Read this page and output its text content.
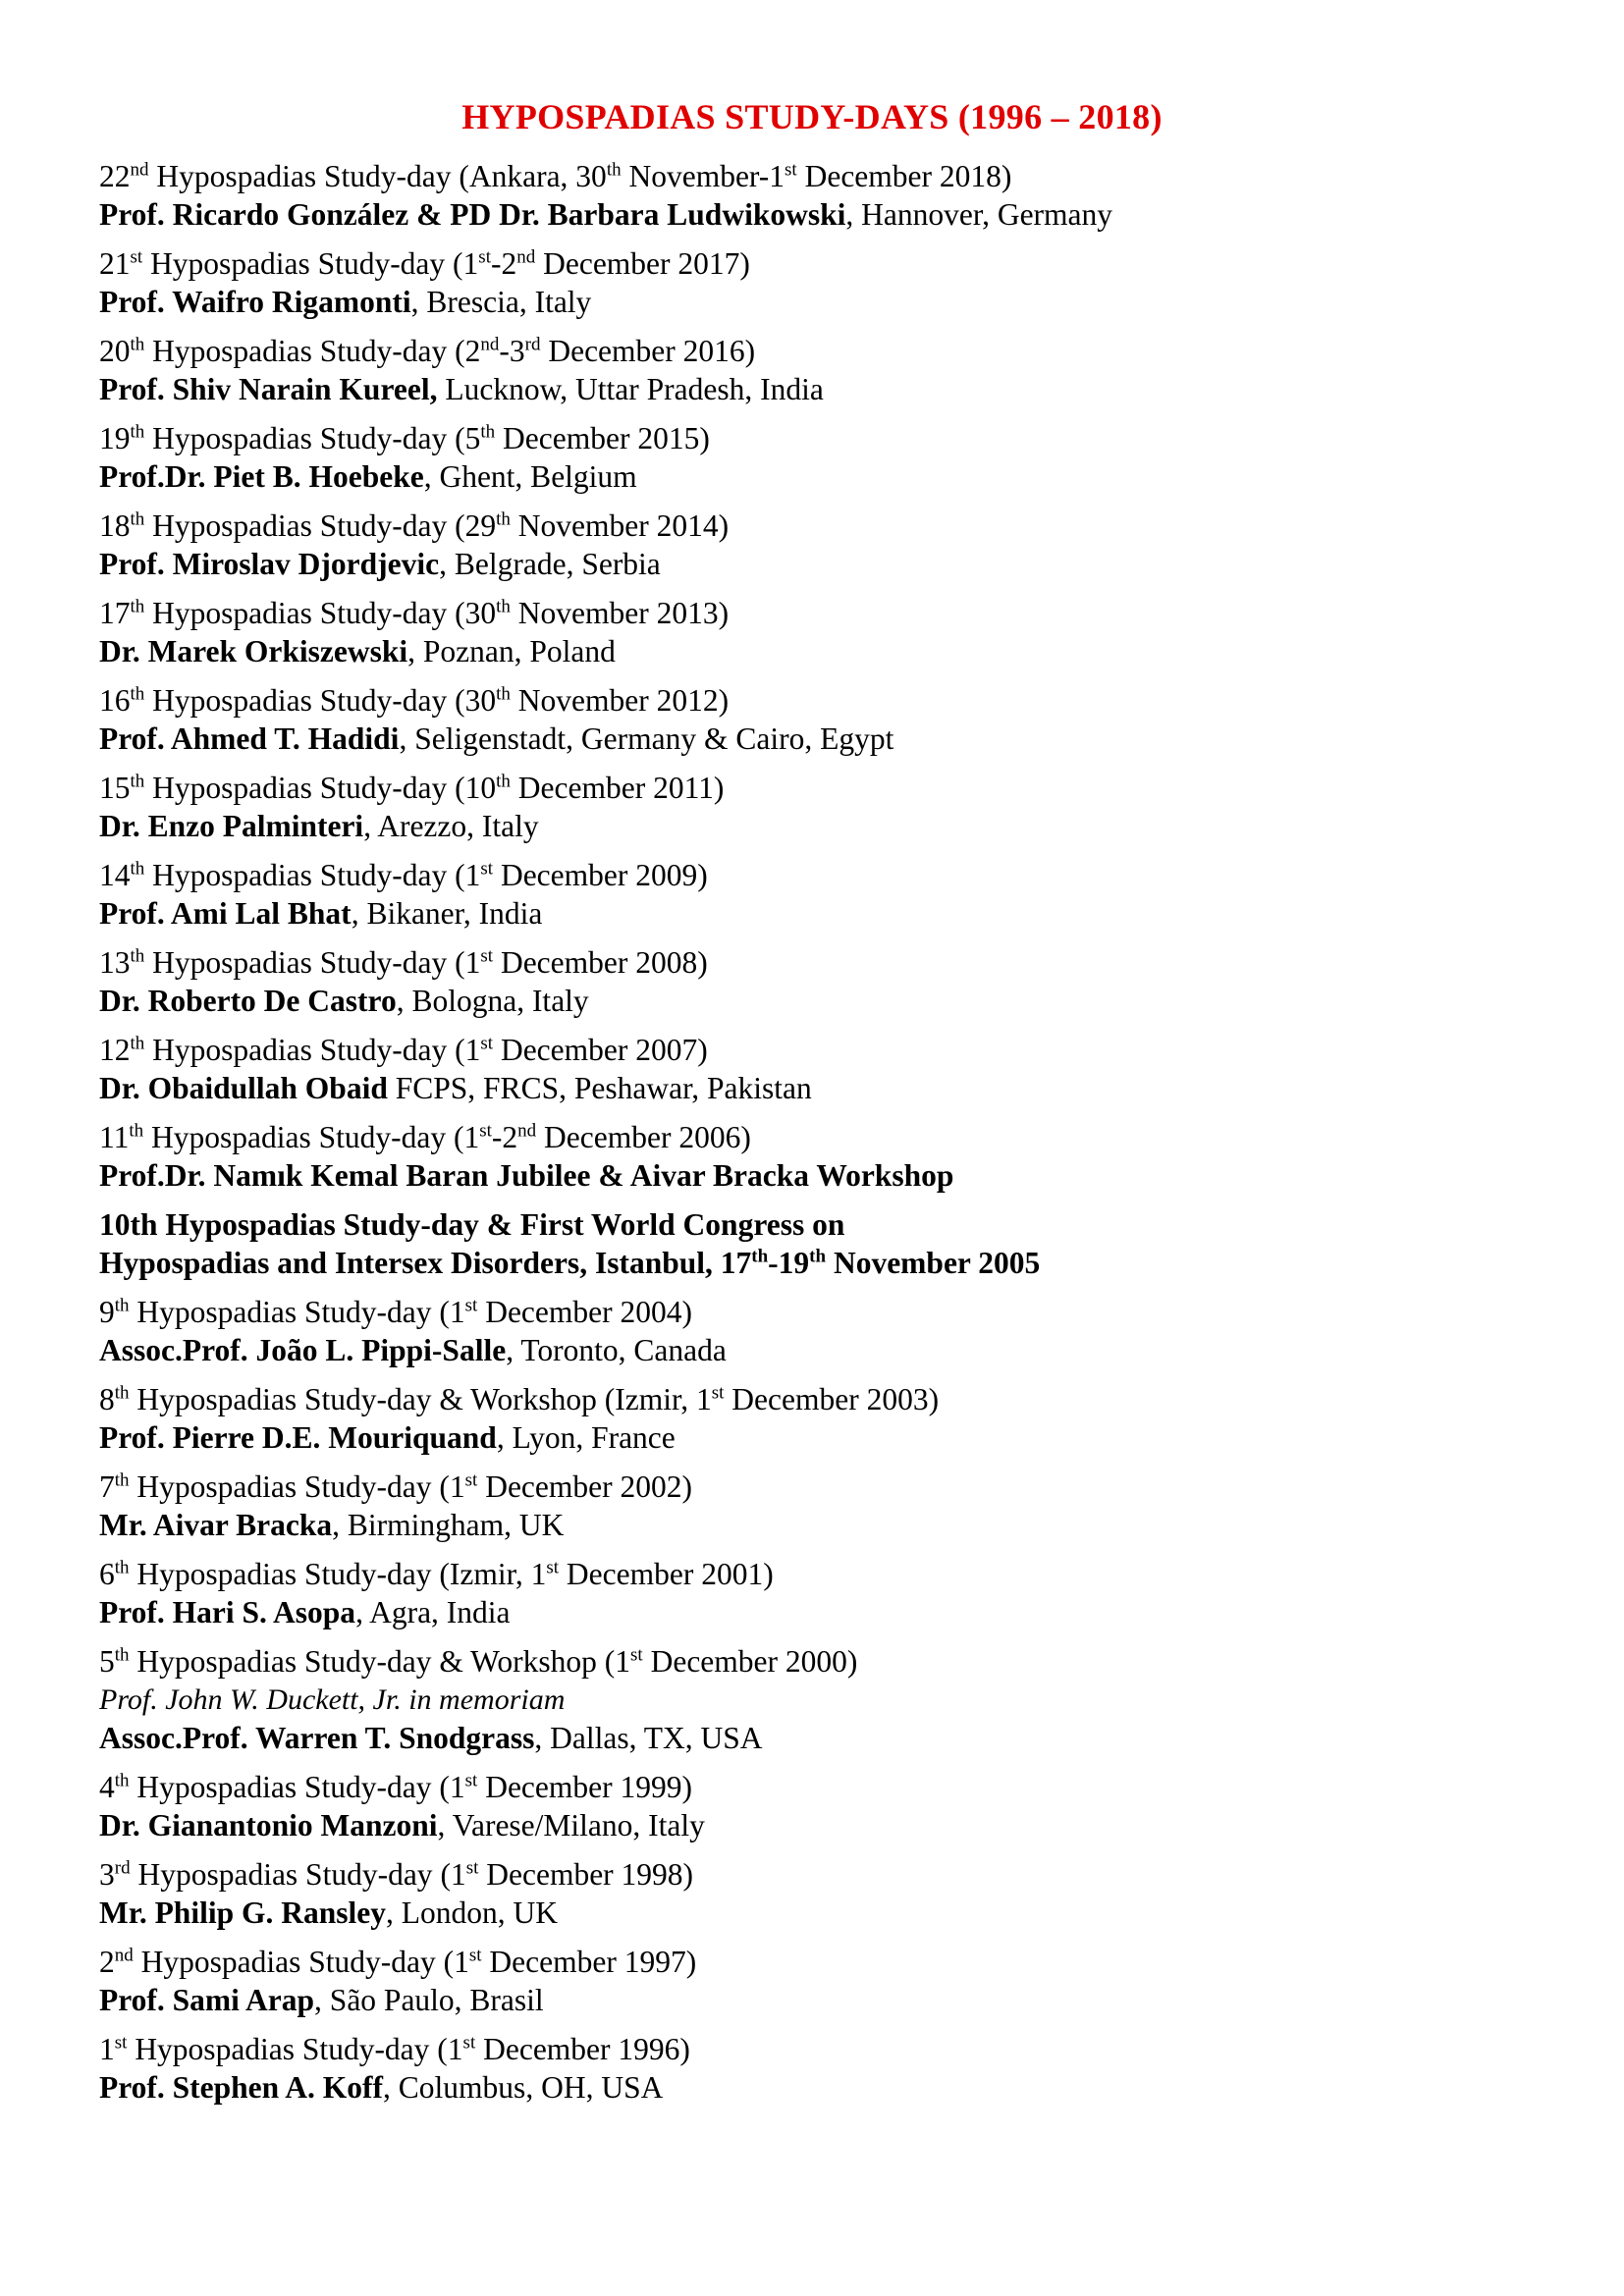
HYPOSPADIAS STUDY-DAYS (1996 – 2018)
22nd Hypospadias Study-day (Ankara, 30th November-1st December 2018)
Prof. Ricardo González & PD Dr. Barbara Ludwikowski, Hannover, Germany
21st Hypospadias Study-day (1st-2nd December 2017)
Prof. Waifro Rigamonti, Brescia, Italy
20th Hypospadias Study-day (2nd-3rd December 2016)
Prof. Shiv Narain Kureel, Lucknow, Uttar Pradesh, India
19th Hypospadias Study-day (5th December 2015)
Prof.Dr. Piet B. Hoebeke, Ghent, Belgium
18th Hypospadias Study-day (29th November 2014)
Prof. Miroslav Djordjevic, Belgrade, Serbia
17th Hypospadias Study-day (30th November 2013)
Dr. Marek Orkiszewski, Poznan, Poland
16th Hypospadias Study-day (30th November 2012)
Prof. Ahmed T. Hadidi, Seligenstadt, Germany & Cairo, Egypt
15th Hypospadias Study-day (10th December 2011)
Dr. Enzo Palminteri, Arezzo, Italy
14th Hypospadias Study-day (1st December 2009)
Prof. Ami Lal Bhat, Bikaner, India
13th Hypospadias Study-day (1st December 2008)
Dr. Roberto De Castro, Bologna, Italy
12th Hypospadias Study-day (1st December 2007)
Dr. Obaidullah Obaid FCPS, FRCS, Peshawar, Pakistan
11th Hypospadias Study-day (1st-2nd December 2006)
Prof.Dr. Namık Kemal Baran Jubilee & Aivar Bracka Workshop
10th Hypospadias Study-day & First World Congress on
Hypospadias and Intersex Disorders, Istanbul, 17th-19th November 2005
9th Hypospadias Study-day (1st December 2004)
Assoc.Prof. João L. Pippi-Salle, Toronto, Canada
8th Hypospadias Study-day & Workshop (Izmir, 1st December 2003)
Prof. Pierre D.E. Mouriquand, Lyon, France
7th Hypospadias Study-day (1st December 2002)
Mr. Aivar Bracka, Birmingham, UK
6th Hypospadias Study-day (Izmir, 1st December 2001)
Prof. Hari S. Asopa, Agra, India
5th Hypospadias Study-day & Workshop (1st December 2000)
Prof. John W. Duckett, Jr. in memoriam
Assoc.Prof. Warren T. Snodgrass, Dallas, TX, USA
4th Hypospadias Study-day (1st December 1999)
Dr. Gianantonio Manzoni, Varese/Milano, Italy
3rd Hypospadias Study-day (1st December 1998)
Mr. Philip G. Ransley, London, UK
2nd Hypospadias Study-day (1st December 1997)
Prof. Sami Arap, São Paulo, Brasil
1st Hypospadias Study-day (1st December 1996)
Prof. Stephen A. Koff, Columbus, OH, USA
